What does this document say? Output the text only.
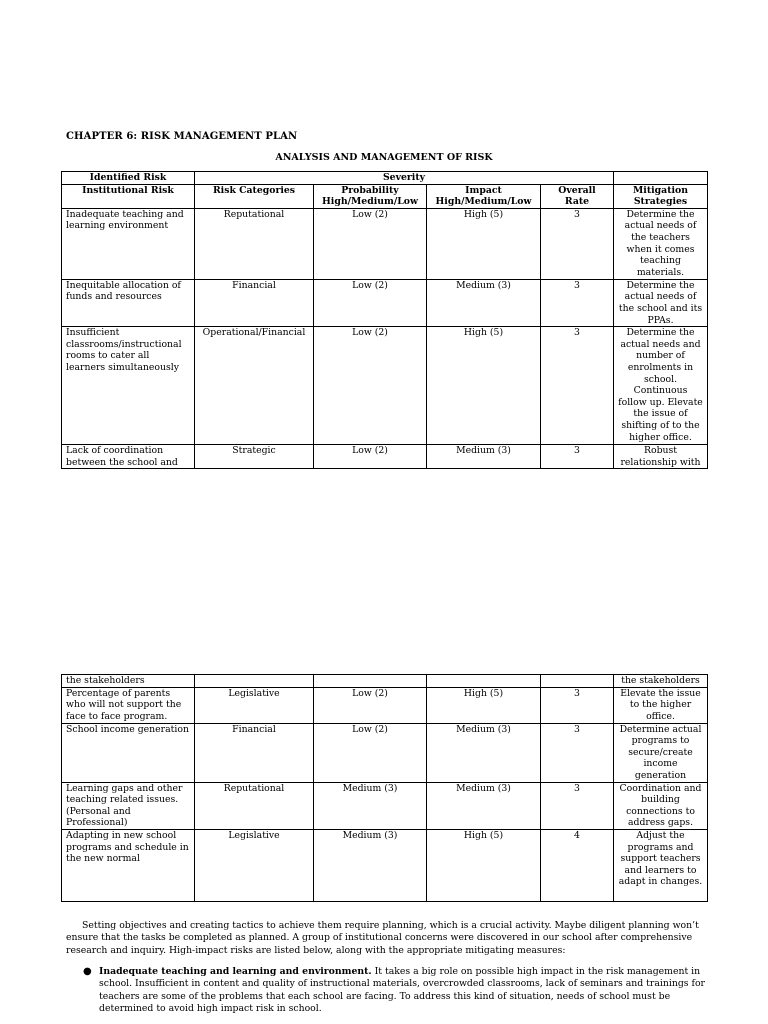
CHAPTER 6: RISK MANAGEMENT PLAN
ANALYSIS AND MANAGEMENT OF RISK
Identified Risk	Severity				
Institutional Risk	Risk Categories	Probability High/Medium/Low	Impact High/Medium/Low	Overall Rate	Mitigation Strategies
Inadequate teaching and learning environment	Reputational	Low (2)	High (5)	3	Determine the actual needs of the teachers when it comes teaching materials.
Inequitable allocation of funds and resources	Financial	Low (2)	Medium (3)	3	Determine the actual needs of the school and its PPAs.
Insufficient classrooms/instructional rooms to cater all learners simultaneously	Operational/Financial	Low (2)	High (5)	3	Determine the actual needs and number of enrolments in school. Continuous follow up. Elevate the issue of shifting of to the higher office.
Lack of coordination between the school and	Strategic	Low (2)	Medium (3)	3	Robust relationship with
the stakeholders					the stakeholders
Percentage of parents who will not support the face to face program.	Legislative	Low (2)	High (5)	3	Elevate the issue to the higher office.
School income generation	Financial	Low (2)	Medium (3)	3	Determine actual programs to secure/create income generation
Learning gaps and other teaching related issues. (Personal and Professional)	Reputational	Medium (3)	Medium (3)	3	Coordination and building connections to address gaps.
Adapting in new school programs and schedule in the new normal	Legislative	Medium (3)	High (5)	4	Adjust the programs and support teachers and learners to adapt in changes.

Setting objectives and creating tactics to achieve them require planning, which is a crucial activity. Maybe diligent planning won’t ensure that the tasks be completed as planned. A group of institutional concerns were discovered in our school after comprehensive research and inquiry. High-impact risks are listed below, along with the appropriate mitigating measures:

● Inadequate teaching and learning and environment. It takes a big role on possible high impact in the risk management in school. Insufficient in content and quality of instructional materials, overcrowded classrooms, lack of seminars and trainings for teachers are some of the problems that each school are facing. To address this kind of situation, needs of school must be determined to avoid high impact risk in school.
